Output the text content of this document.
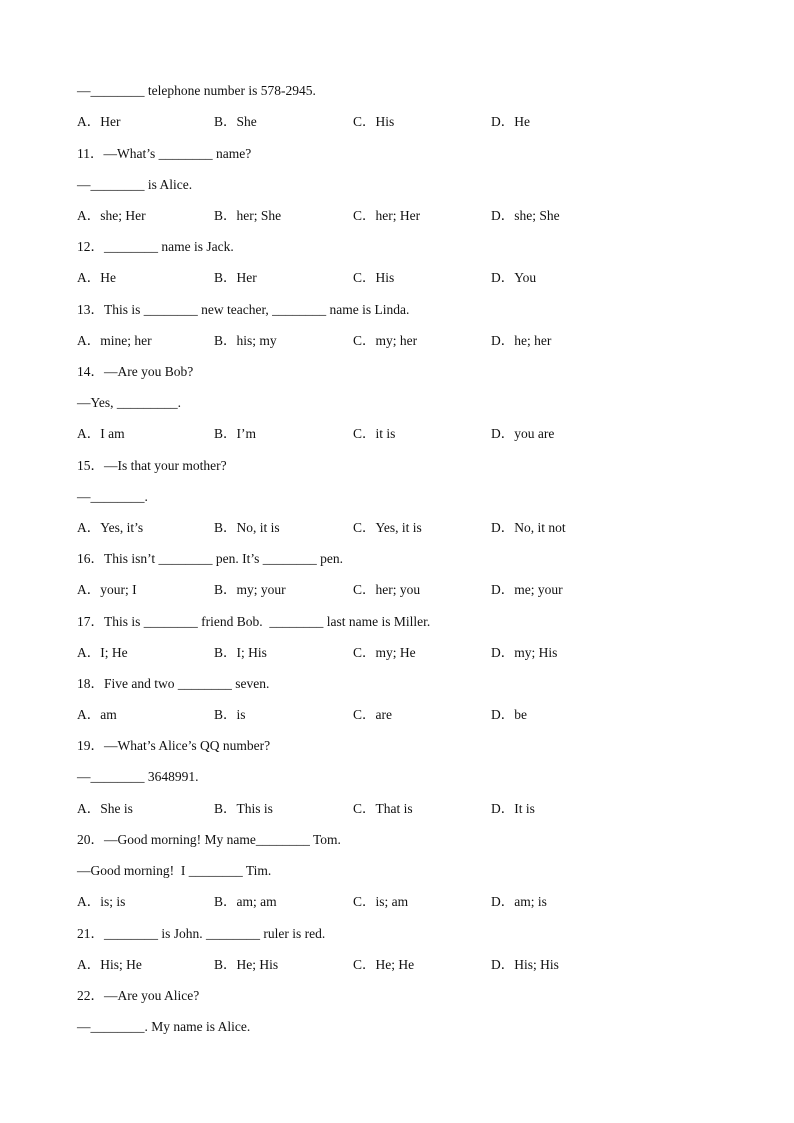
—________ telephone number is 578-2945.
A．Her	B．She	C．His	D．He
11．—What’s ________ name?
—________ is Alice.
A．she; Her	B．her; She	C．her; Her	D．she; She
12．________ name is Jack.
A．He	B．Her	C．His	D．You
13．This is ________ new teacher, ________ name is Linda.
A．mine; her	B．his; my	C．my; her	D．he; her
14．—Are you Bob?
—Yes, _________.
A．I am	B．I’m	C．it is	D．you are
15．—Is that your mother?
—________.
A．Yes, it’s	B．No, it is	C．Yes, it is	D．No, it not
16．This isn’t ________ pen. It’s ________ pen.
A．your; I	B．my; your	C．her; you	D．me; your
17．This is ________ friend Bob.  ________ last name is Miller.
A．I; He	B．I; His	C．my; He	D．my; His
18．Five and two ________ seven.
A．am	B．is	C．are	D．be
19．—What’s Alice’s QQ number?
—________ 3648991.
A．She is	B．This is	C．That is	D．It is
20．—Good morning! My name________ Tom.
—Good morning!  I ________ Tim.
A．is; is	B．am; am	C．is; am	D．am; is
21．________ is John. ________ ruler is red.
A．His; He	B．He; His	C．He; He	D．His; His
22．—Are you Alice?
—________. My name is Alice.
